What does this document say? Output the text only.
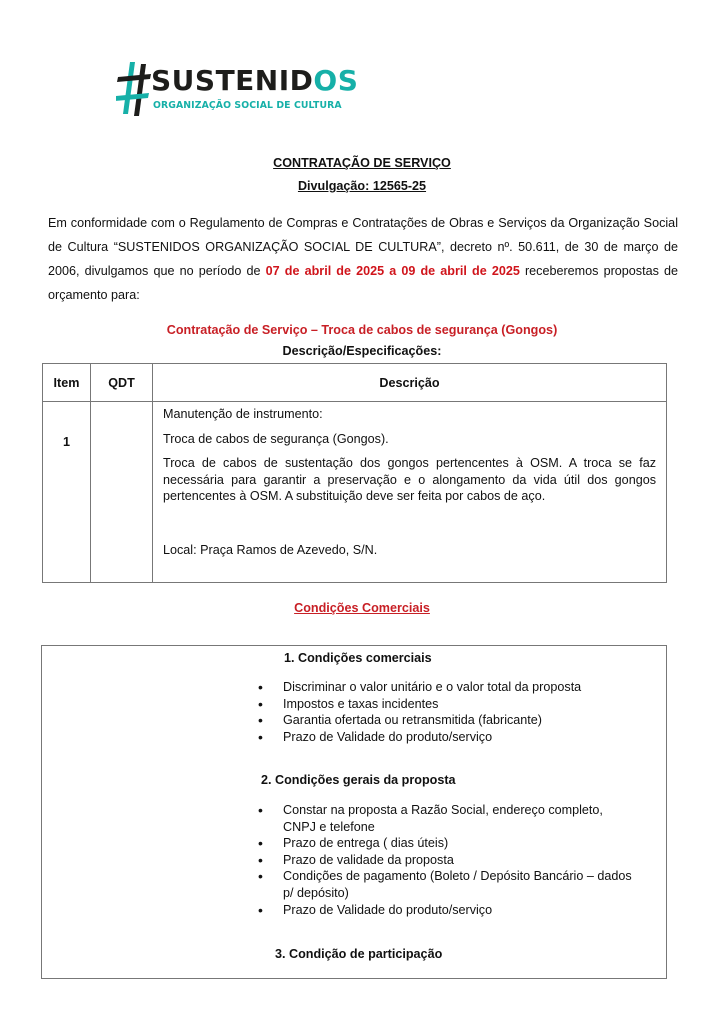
SUSTENIDOS
ORGANIZAÇÃO SOCIAL DE CULTURA
CONTRATAÇÃO DE SERVIÇO
Divulgação: 12565-25
Em conformidade com o Regulamento de Compras e Contratações de Obras e Serviços da Organização Social de Cultura “SUSTENIDOS ORGANIZAÇÃO SOCIAL DE CULTURA”, decreto nº. 50.611, de 30 de março de 2006, divulgamos que no período de 07 de abril de 2025 a 09 de abril de 2025 receberemos propostas de orçamento para:
Contratação de Serviço – Troca de cabos de segurança (Gongos)
Descrição/Especificações:
Item	QDT	Descrição
1		Manutenção de instrumento:

Troca de cabos de segurança (Gongos).

Troca de cabos de sustentação dos gongos pertencentes à OSM. A troca se faz necessária para garantir a preservação e o alongamento da vida útil dos gongos pertencentes à OSM. A substituição deve ser feita por cabos de aço.

Local: Praça Ramos de Azevedo, S/N.

Condições Comerciais
1. Condições comerciais
• Discriminar o valor unitário e o valor total da proposta
• Impostos e taxas incidentes
• Garantia ofertada ou retransmitida (fabricante)
• Prazo de Validade do produto/serviço
2. Condições gerais da proposta
• Constar na proposta a Razão Social, endereço completo, CNPJ e telefone
• Prazo de entrega ( dias úteis)
• Prazo de validade da proposta
• Condições de pagamento (Boleto / Depósito Bancário – dados p/ depósito)
• Prazo de Validade do produto/serviço
3. Condição de participação
